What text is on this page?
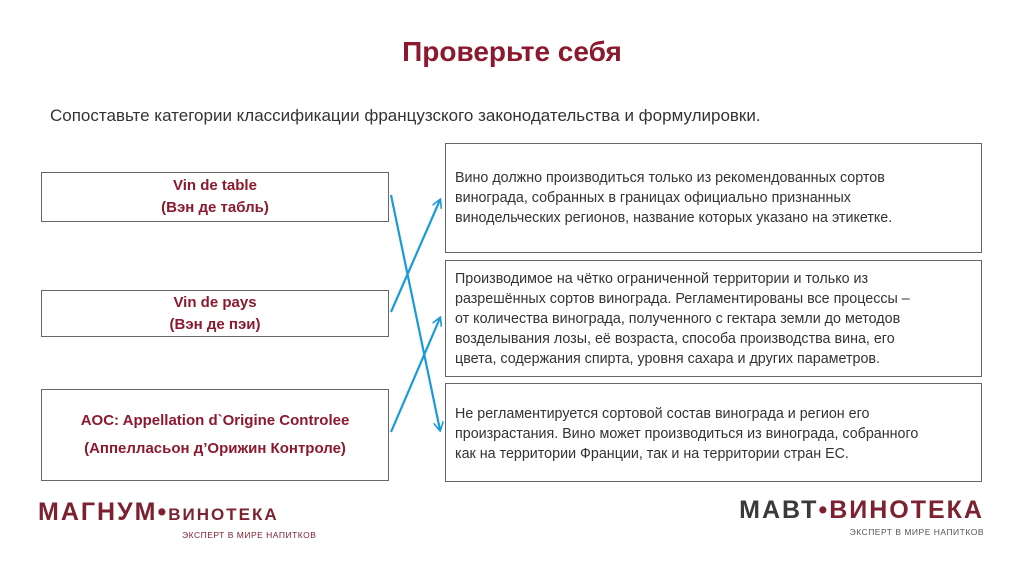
Проверьте себя
Сопоставьте категории классификации французского законодательства и формулировки.
Vin de table
(Вэн де табль)
Vin de pays
(Вэн де пэи)
AOC: Appellation d`Origine Controlee
(Аппелласьон д’Орижин Контроле)
Вино должно производиться только из рекомендованных сортов
винограда, собранных в границах официально признанных
винодельческих регионов, название которых указано на этикетке.
Производимое на чётко ограниченной территории и только из
разрешённых сортов винограда. Регламентированы все процессы –
от количества винограда, полученного с гектара земли до методов
возделывания лозы, её возраста, способа производства вина, его
цвета, содержания спирта, уровня сахара и других параметров.
Не регламентируется сортовой состав винограда и регион его
произрастания. Вино может производиться из винограда, собранного
как на территории Франции, так и на территории стран ЕС.
МАГНУМ•ВИНОТЕКА
ЭКСПЕРТ В МИРЕ НАПИТКОВ
МАВТ•ВИНОТЕКА
ЭКСПЕРТ В МИРЕ НАПИТКОВ
